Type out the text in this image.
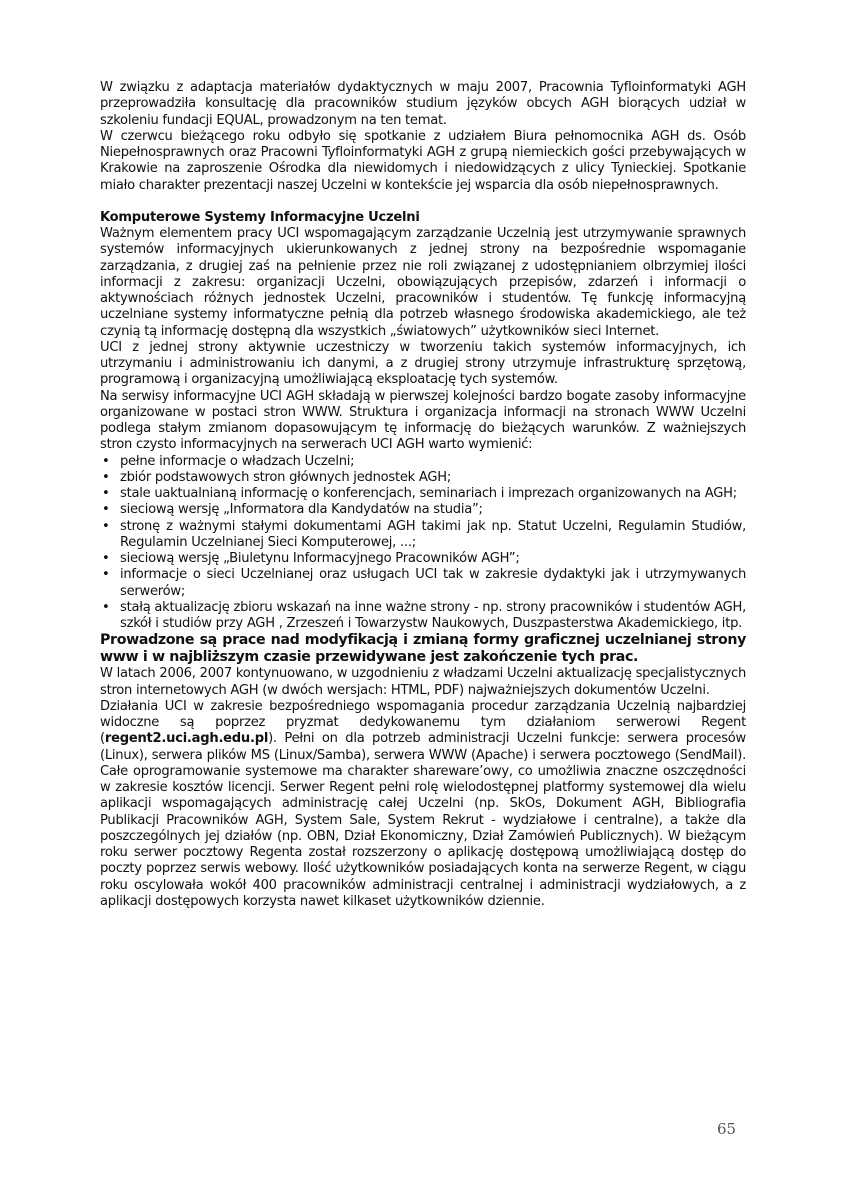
W związku z adaptacja materiałów dydaktycznych w maju 2007, Pracownia Tyfloinformatyki AGH przeprowadziła konsultację dla pracowników studium języków obcych AGH biorących udział w szkoleniu fundacji EQUAL, prowadzonym na ten temat.

W czerwcu bieżącego roku odbyło się spotkanie z udziałem Biura pełnomocnika AGH ds. Osób Niepełnosprawnych oraz Pracowni Tyfloinformatyki AGH z grupą niemieckich gości przebywających w Krakowie na zaproszenie Ośrodka dla niewidomych i niedowidzących z ulicy Tynieckiej. Spotkanie miało charakter prezentacji naszej Uczelni w kontekście jej wsparcia dla osób niepełnosprawnych.

Komputerowe Systemy Informacyjne Uczelni

Ważnym elementem pracy UCI wspomagającym zarządzanie Uczelnią jest utrzymywanie sprawnych systemów informacyjnych ukierunkowanych z jednej strony na bezpośrednie wspomaganie zarządzania, z drugiej zaś na pełnienie przez nie roli związanej z udostępnianiem olbrzymiej ilości informacji z zakresu: organizacji Uczelni, obowiązujących przepisów, zdarzeń i informacji o aktywnościach różnych jednostek Uczelni, pracowników i studentów. Tę funkcję informacyjną uczelniane systemy informatyczne pełnią dla potrzeb własnego środowiska akademickiego, ale też czynią tą informację dostępną dla wszystkich „światowych” użytkowników sieci Internet.

UCI z jednej strony aktywnie uczestniczy w tworzeniu takich systemów informacyjnych, ich utrzymaniu i administrowaniu ich danymi, a z drugiej strony utrzymuje infrastrukturę sprzętową, programową i organizacyjną umożliwiającą eksploatację tych systemów.

Na serwisy informacyjne UCI AGH składają w pierwszej kolejności bardzo bogate zasoby informacyjne organizowane w postaci stron WWW. Struktura i organizacja informacji na stronach WWW Uczelni podlega stałym zmianom dopasowującym tę informację do bieżących warunków. Z ważniejszych stron czysto informacyjnych na serwerach UCI AGH warto wymienić:

• pełne informacje o władzach Uczelni;
• zbiór podstawowych stron głównych jednostek AGH;
• stale uaktualnianą informację o konferencjach, seminariach i imprezach organizowanych na AGH;
• sieciową wersję „Informatora dla Kandydatów na studia”;
• stronę z ważnymi stałymi dokumentami AGH takimi jak np. Statut Uczelni, Regulamin Studiów, Regulamin Uczelnianej Sieci Komputerowej, ...;
• sieciową wersję „Biuletynu Informacyjnego Pracowników AGH”;
• informacje o sieci Uczelnianej oraz usługach UCI tak w zakresie dydaktyki jak i utrzymywanych serwerów;
• stałą aktualizację zbioru wskazań na inne ważne strony - np. strony pracowników i studentów AGH, szkół i studiów przy AGH , Zrzeszeń i Towarzystw Naukowych, Duszpasterstwa Akademickiego, itp.

Prowadzone są prace nad modyfikacją i zmianą formy graficznej uczelnianej strony www i w najbliższym czasie przewidywane jest zakończenie tych prac.

W latach 2006, 2007 kontynuowano, w uzgodnieniu z władzami Uczelni aktualizację specjalistycznych stron internetowych AGH (w dwóch wersjach: HTML, PDF) najważniejszych dokumentów Uczelni.

Działania UCI w zakresie bezpośredniego wspomagania procedur zarządzania Uczelnią najbardziej widoczne są poprzez pryzmat dedykowanemu tym działaniom serwerowi Regent (regent2.uci.agh.edu.pl). Pełni on dla potrzeb administracji Uczelni funkcje: serwera procesów (Linux), serwera plików MS (Linux/Samba), serwera WWW (Apache) i serwera pocztowego (SendMail). Całe oprogramowanie systemowe ma charakter shareware’owy, co umożliwia znaczne oszczędności w zakresie kosztów licencji. Serwer Regent pełni rolę wielodostępnej platformy systemowej dla wielu aplikacji wspomagających administrację całej Uczelni (np. SkOs, Dokument AGH, Bibliografia Publikacji Pracowników AGH, System Sale, System Rekrut - wydziałowe i centralne), a także dla poszczególnych jej działów (np. OBN, Dział Ekonomiczny, Dział Zamówień Publicznych). W bieżącym roku serwer pocztowy Regenta został rozszerzony o aplikację dostępową umożliwiającą dostęp do poczty poprzez serwis webowy. Ilość użytkowników posiadających konta na serwerze Regent, w ciągu roku oscylowała wokół 400 pracowników administracji centralnej i administracji wydziałowych, a z aplikacji dostępowych korzysta nawet kilkaset użytkowników dziennie.

65
